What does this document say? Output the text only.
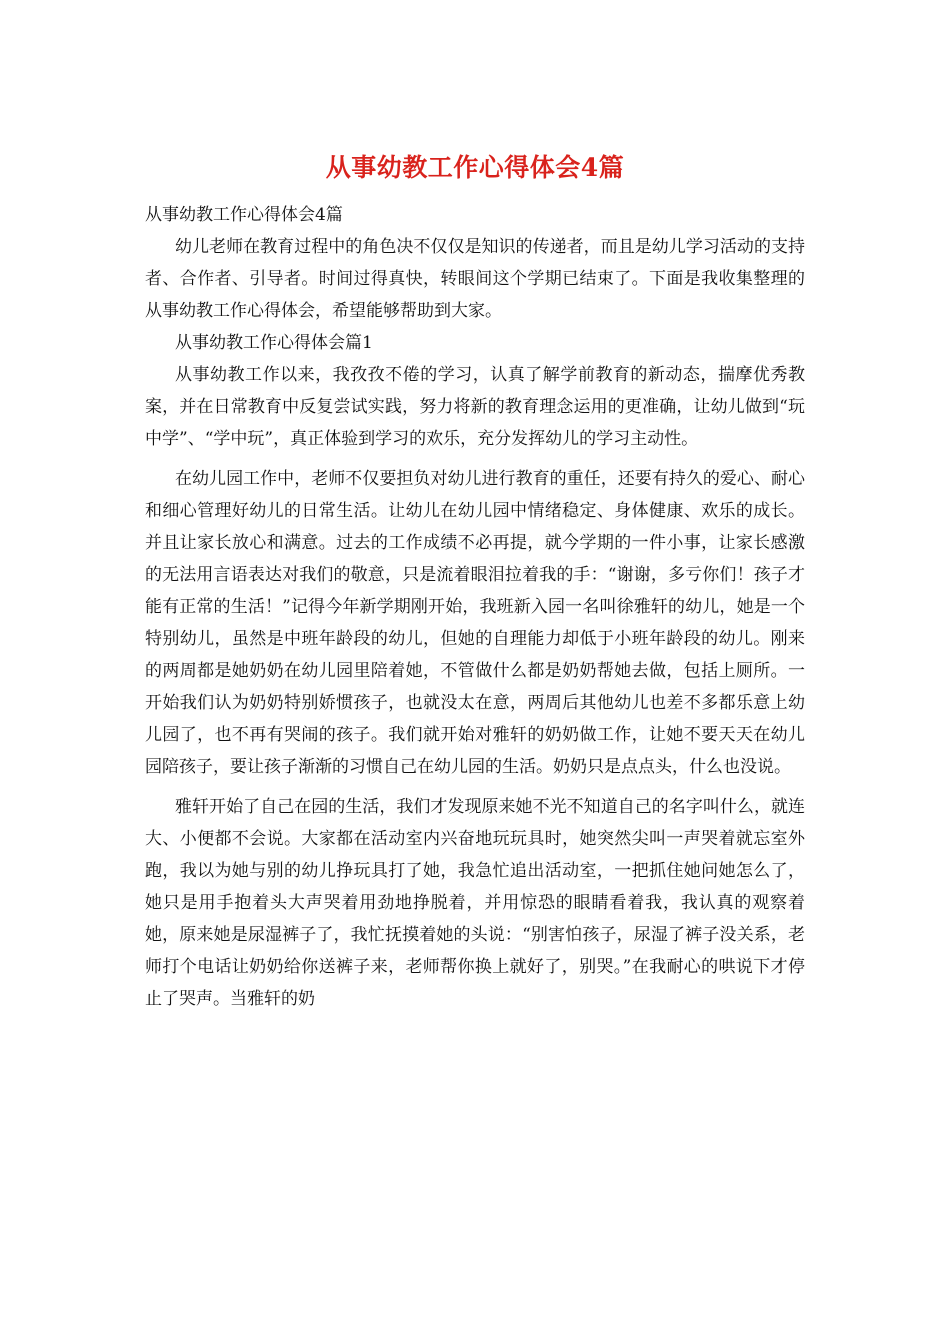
从事幼教工作心得体会4篇

从事幼教工作心得体会4篇

幼儿老师在教育过程中的角色决不仅仅是知识的传递者，而且是幼儿学习活动的支持者、合作者、引导者。时间过得真快，转眼间这个学期已结束了。下面是我收集整理的从事幼教工作心得体会，希望能够帮助到大家。

从事幼教工作心得体会篇1

从事幼教工作以来，我孜孜不倦的学习，认真了解学前教育的新动态，揣摩优秀教案，并在日常教育中反复尝试实践，努力将新的教育理念运用的更准确，让幼儿做到“玩中学”、“学中玩”，真正体验到学习的欢乐，充分发挥幼儿的学习主动性。

在幼儿园工作中，老师不仅要担负对幼儿进行教育的重任，还要有持久的爱心、耐心和细心管理好幼儿的日常生活。让幼儿在幼儿园中情绪稳定、身体健康、欢乐的成长。并且让家长放心和满意。过去的工作成绩不必再提，就今学期的一件小事，让家长感激的无法用言语表达对我们的敬意，只是流着眼泪拉着我的手：“谢谢，多亏你们！孩子才能有正常的生活！”记得今年新学期刚开始，我班新入园一名叫徐雅轩的幼儿，她是一个特别幼儿，虽然是中班年龄段的幼儿，但她的自理能力却低于小班年龄段的幼儿。刚来的两周都是她奶奶在幼儿园里陪着她，不管做什么都是奶奶帮她去做，包括上厕所。一开始我们认为奶奶特别娇惯孩子，也就没太在意，两周后其他幼儿也差不多都乐意上幼儿园了，也不再有哭闹的孩子。我们就开始对雅轩的奶奶做工作，让她不要天天在幼儿园陪孩子，要让孩子渐渐的习惯自己在幼儿园的生活。奶奶只是点点头，什么也没说。

雅轩开始了自己在园的生活，我们才发现原来她不光不知道自己的名字叫什么，就连大、小便都不会说。大家都在活动室内兴奋地玩玩具时，她突然尖叫一声哭着就忘室外跑，我以为她与别的幼儿挣玩具打了她，我急忙追出活动室，一把抓住她问她怎么了，她只是用手抱着头大声哭着用劲地挣脱着，并用惊恐的眼睛看着我，我认真的观察着她，原来她是尿湿裤子了，我忙抚摸着她的头说：“别害怕孩子，尿湿了裤子没关系，老师打个电话让奶奶给你送裤子来，老师帮你换上就好了，别哭。”在我耐心的哄说下才停止了哭声。当雅轩的奶
